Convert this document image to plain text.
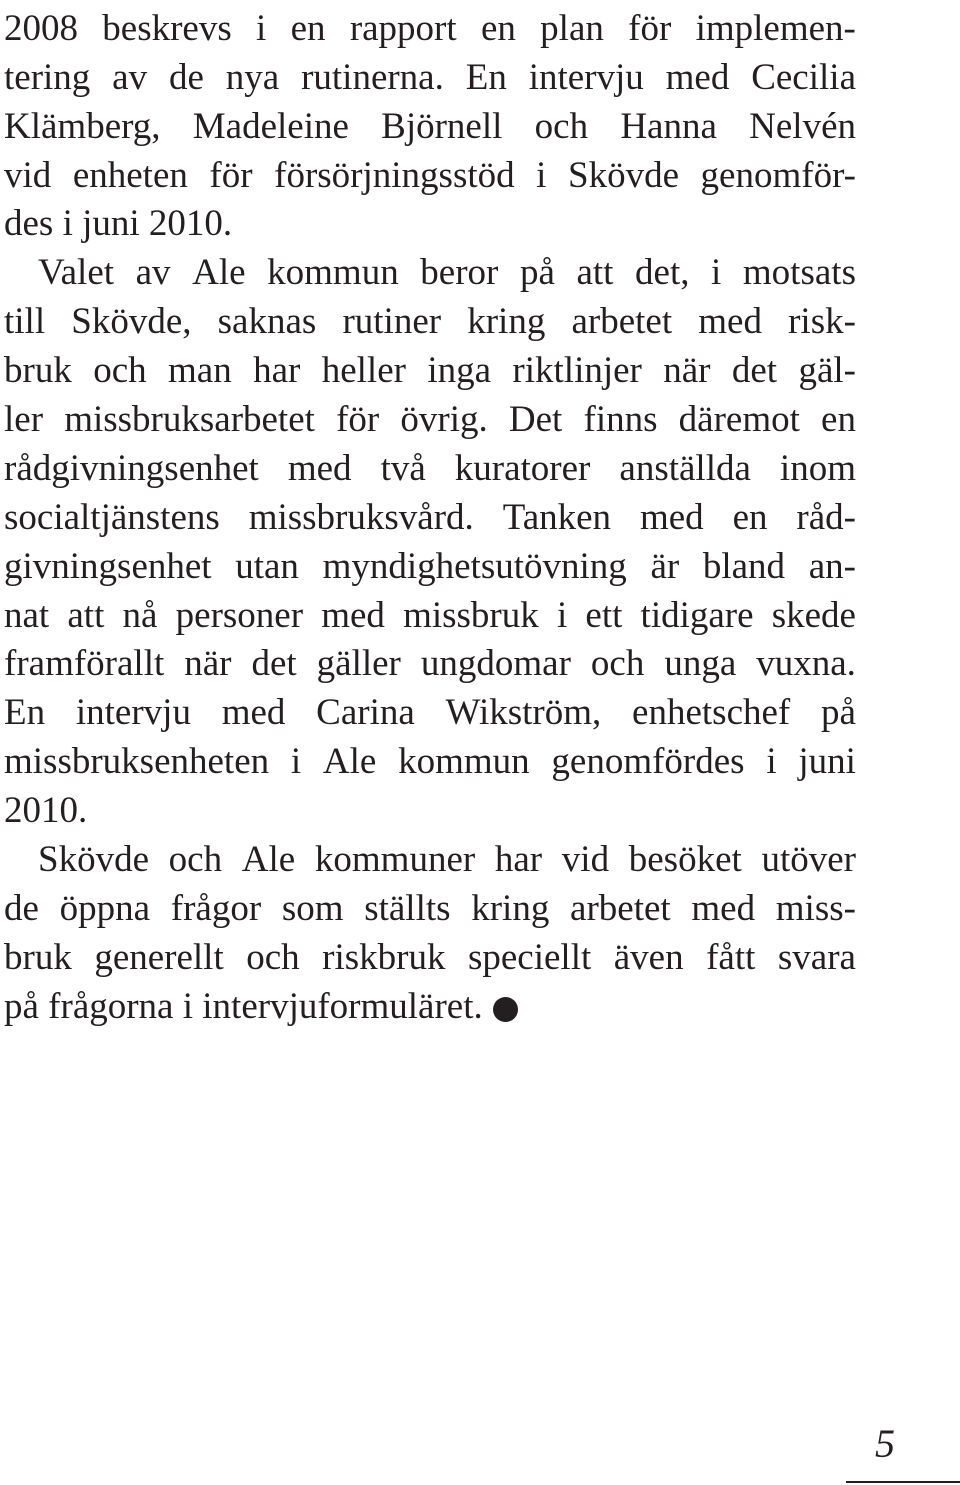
2008 beskrevs i en rapport en plan för implemen-
tering av de nya rutinerna. En intervju med Cecilia
Klämberg, Madeleine Björnell och Hanna Nelvén
vid enheten för försörjningsstöd i Skövde genomför-
des i juni 2010.
Valet av Ale kommun beror på att det, i motsats
till Skövde, saknas rutiner kring arbetet med risk-
bruk och man har heller inga riktlinjer när det gäl-
ler missbruksarbetet för övrig. Det finns däremot en
rådgivningsenhet med två kuratorer anställda inom
socialtjänstens missbruksvård. Tanken med en råd-
givningsenhet utan myndighetsutövning är bland an-
nat att nå personer med missbruk i ett tidigare skede
framförallt när det gäller ungdomar och unga vuxna.
En intervju med Carina Wikström, enhetschef på
missbruksenheten i Ale kommun genomfördes i juni
2010.
Skövde och Ale kommuner har vid besöket utöver
de öppna frågor som ställts kring arbetet med miss-
bruk generellt och riskbruk speciellt även fått svara
på frågorna i intervjuformuläret.
5
